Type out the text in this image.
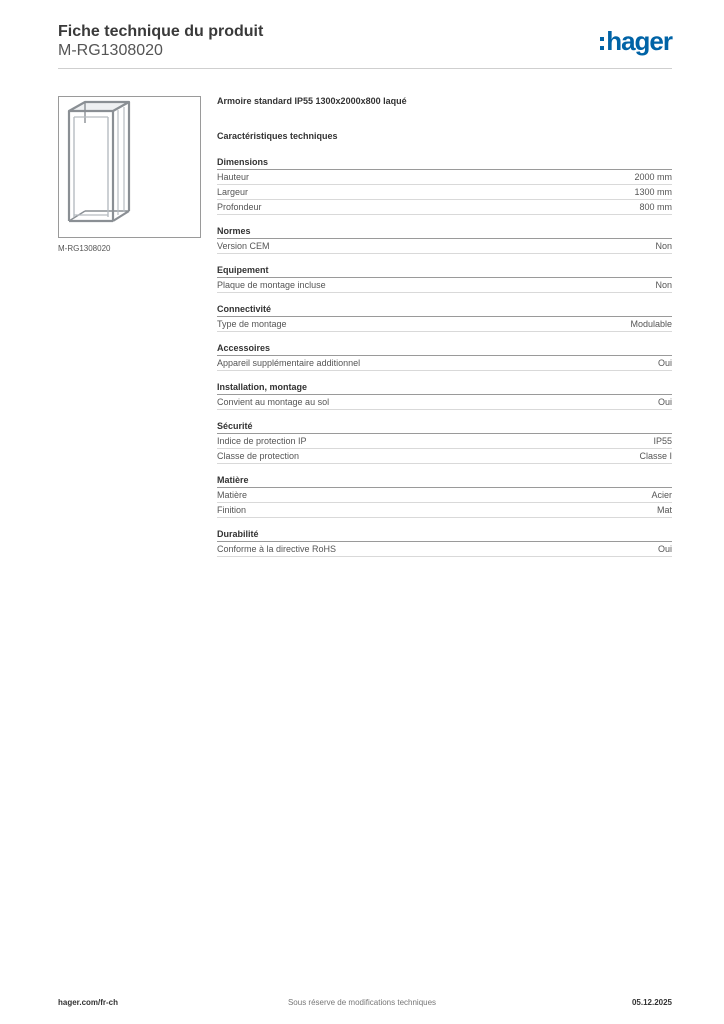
Fiche technique du produit

M-RG1308020	hager
M-RG1308020

Armoire standard IP55 1300x2000x800 laqué

Caractéristiques techniques

Dimensions
Hauteur	2000 mm
Largeur	1300 mm
Profondeur	800 mm
Normes
Version CEM	Non
Equipement
Plaque de montage incluse	Non
Connectivité
Type de montage	Modulable
Accessoires
Appareil supplémentaire additionnel	Oui
Installation, montage
Convient au montage au sol	Oui
Sécurité
Indice de protection IP	IP55
Classe de protection	Classe I
Matière
Matière	Acier
Finition	Mat
Durabilité
Conforme à la directive RoHS	Oui
hager.com/fr-ch	Sous réserve de modifications techniques	05.12.2025
